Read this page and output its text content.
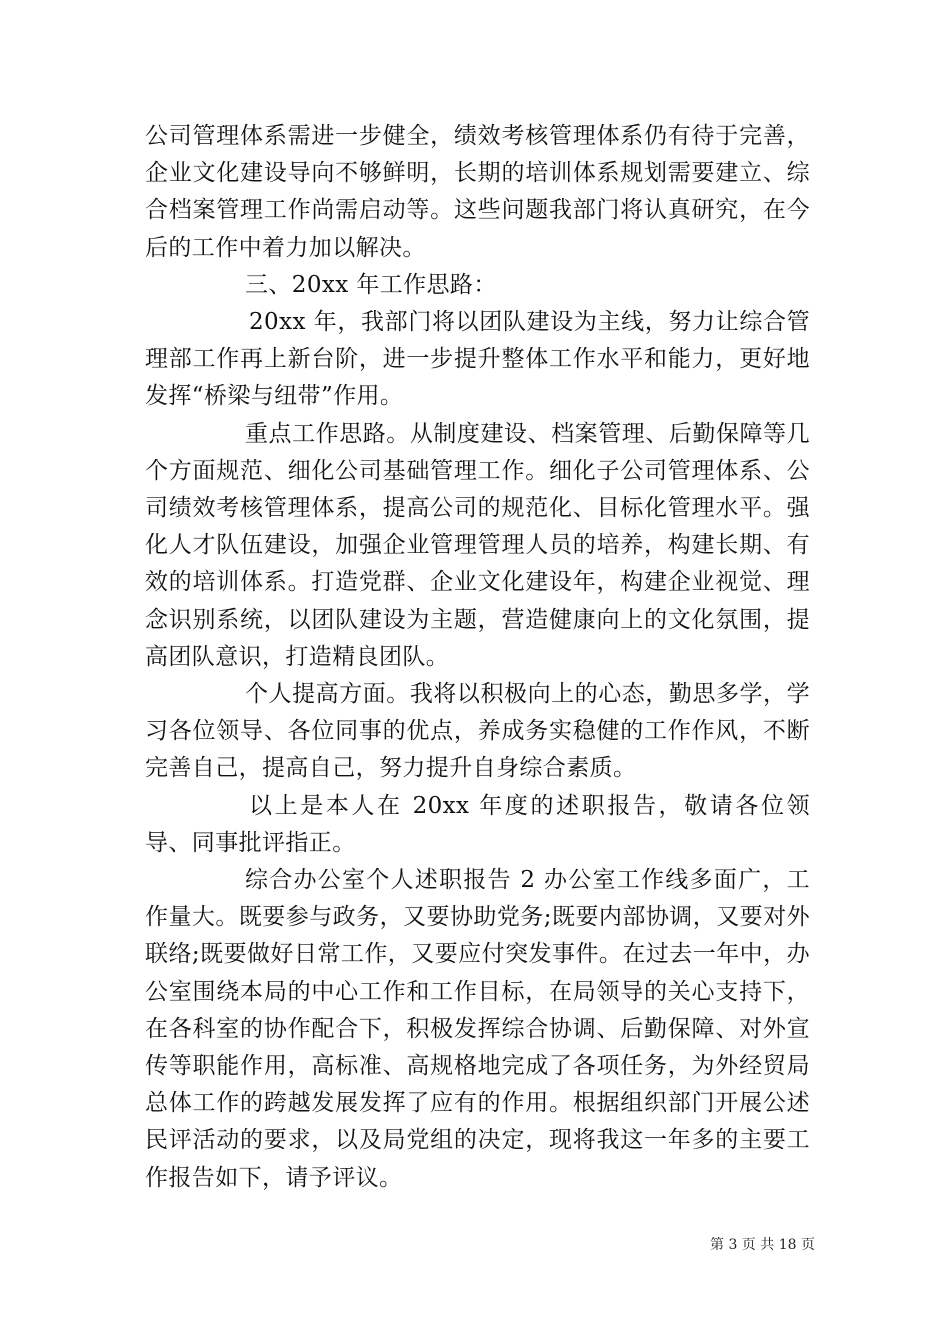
公司管理体系需进一步健全，绩效考核管理体系仍有待于完善，企业文化建设导向不够鲜明，长期的培训体系规划需要建立、综合档案管理工作尚需启动等。这些问题我部门将认真研究，在今后的工作中着力加以解决。

三、20xx 年工作思路：

20xx 年，我部门将以团队建设为主线，努力让综合管理部工作再上新台阶，进一步提升整体工作水平和能力，更好地发挥“桥梁与纽带”作用。

重点工作思路。从制度建设、档案管理、后勤保障等几个方面规范、细化公司基础管理工作。细化子公司管理体系、公司绩效考核管理体系，提高公司的规范化、目标化管理水平。强化人才队伍建设，加强企业管理管理人员的培养，构建长期、有效的培训体系。打造党群、企业文化建设年，构建企业视觉、理念识别系统，以团队建设为主题，营造健康向上的文化氛围，提高团队意识，打造精良团队。

个人提高方面。我将以积极向上的心态，勤思多学，学习各位领导、各位同事的优点，养成务实稳健的工作作风，不断完善自己，提高自己，努力提升自身综合素质。

以上是本人在 20xx 年度的述职报告，敬请各位领导、同事批评指正。

综合办公室个人述职报告 2 办公室工作线多面广，工作量大。既要参与政务，又要协助党务;既要内部协调，又要对外联络;既要做好日常工作，又要应付突发事件。在过去一年中，办公室围绕本局的中心工作和工作目标，在局领导的关心支持下，在各科室的协作配合下，积极发挥综合协调、后勤保障、对外宣传等职能作用，高标准、高规格地完成了各项任务，为外经贸局总体工作的跨越发展发挥了应有的作用。根据组织部门开展公述民评活动的要求，以及局党组的决定，现将我这一年多的主要工作报告如下，请予评议。

第 3 页 共 18 页
